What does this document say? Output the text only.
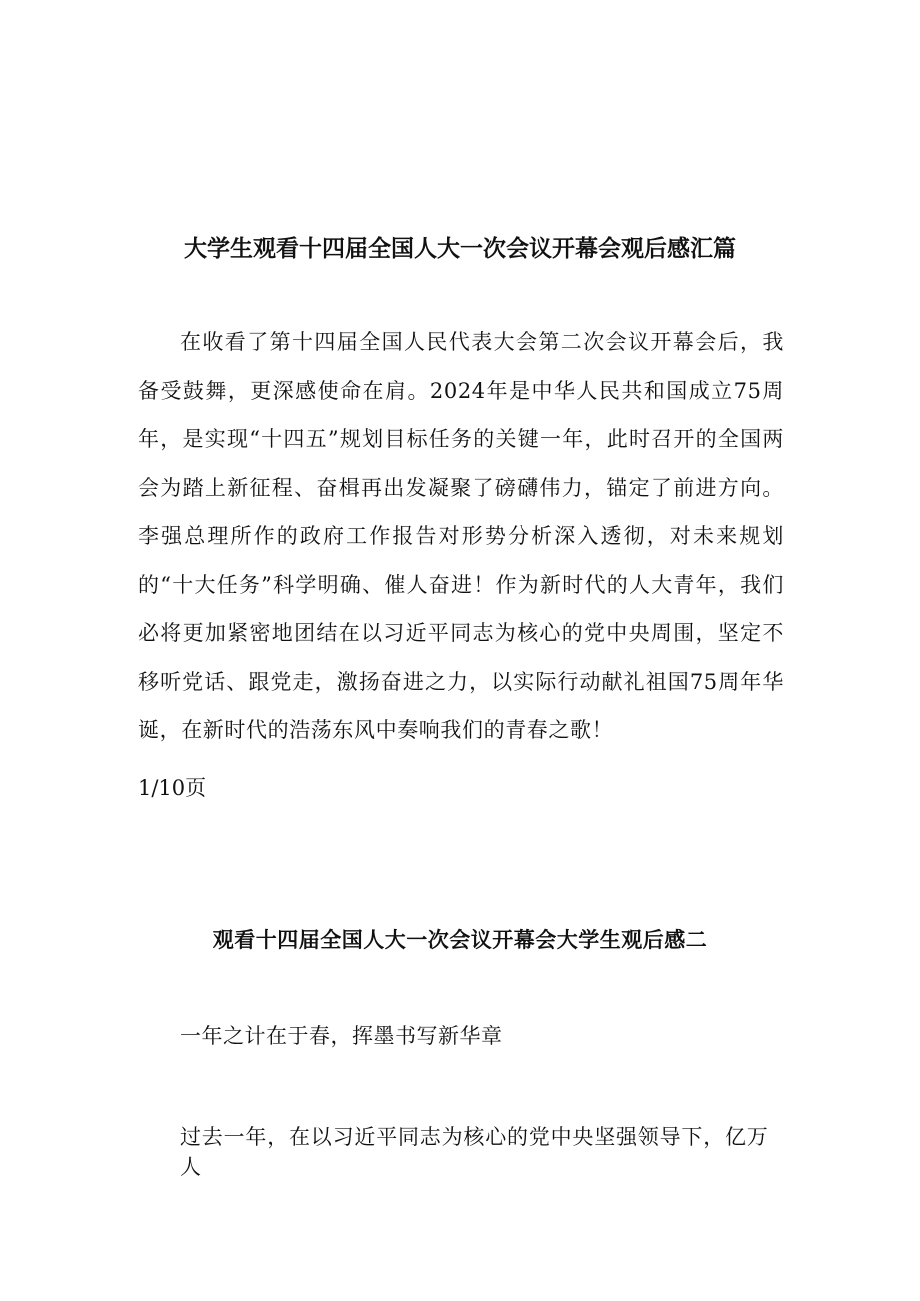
大学生观看十四届全国人大一次会议开幕会观后感汇篇

在收看了第十四届全国人民代表大会第二次会议开幕会后，我备受鼓舞，更深感使命在肩。2024年是中华人民共和国成立75周年，是实现“十四五”规划目标任务的关键一年，此时召开的全国两会为踏上新征程、奋楫再出发凝聚了磅礴伟力，锚定了前进方向。李强总理所作的政府工作报告对形势分析深入透彻，对未来规划的“十大任务”科学明确、催人奋进！作为新时代的人大青年，我们必将更加紧密地团结在以习近平同志为核心的党中央周围，坚定不移听党话、跟党走，激扬奋进之力，以实际行动献礼祖国75周年华诞，在新时代的浩荡东风中奏响我们的青春之歌！

1/10页

观看十四届全国人大一次会议开幕会大学生观后感二

一年之计在于春，挥墨书写新华章

过去一年，在以习近平同志为核心的党中央坚强领导下，亿万人
